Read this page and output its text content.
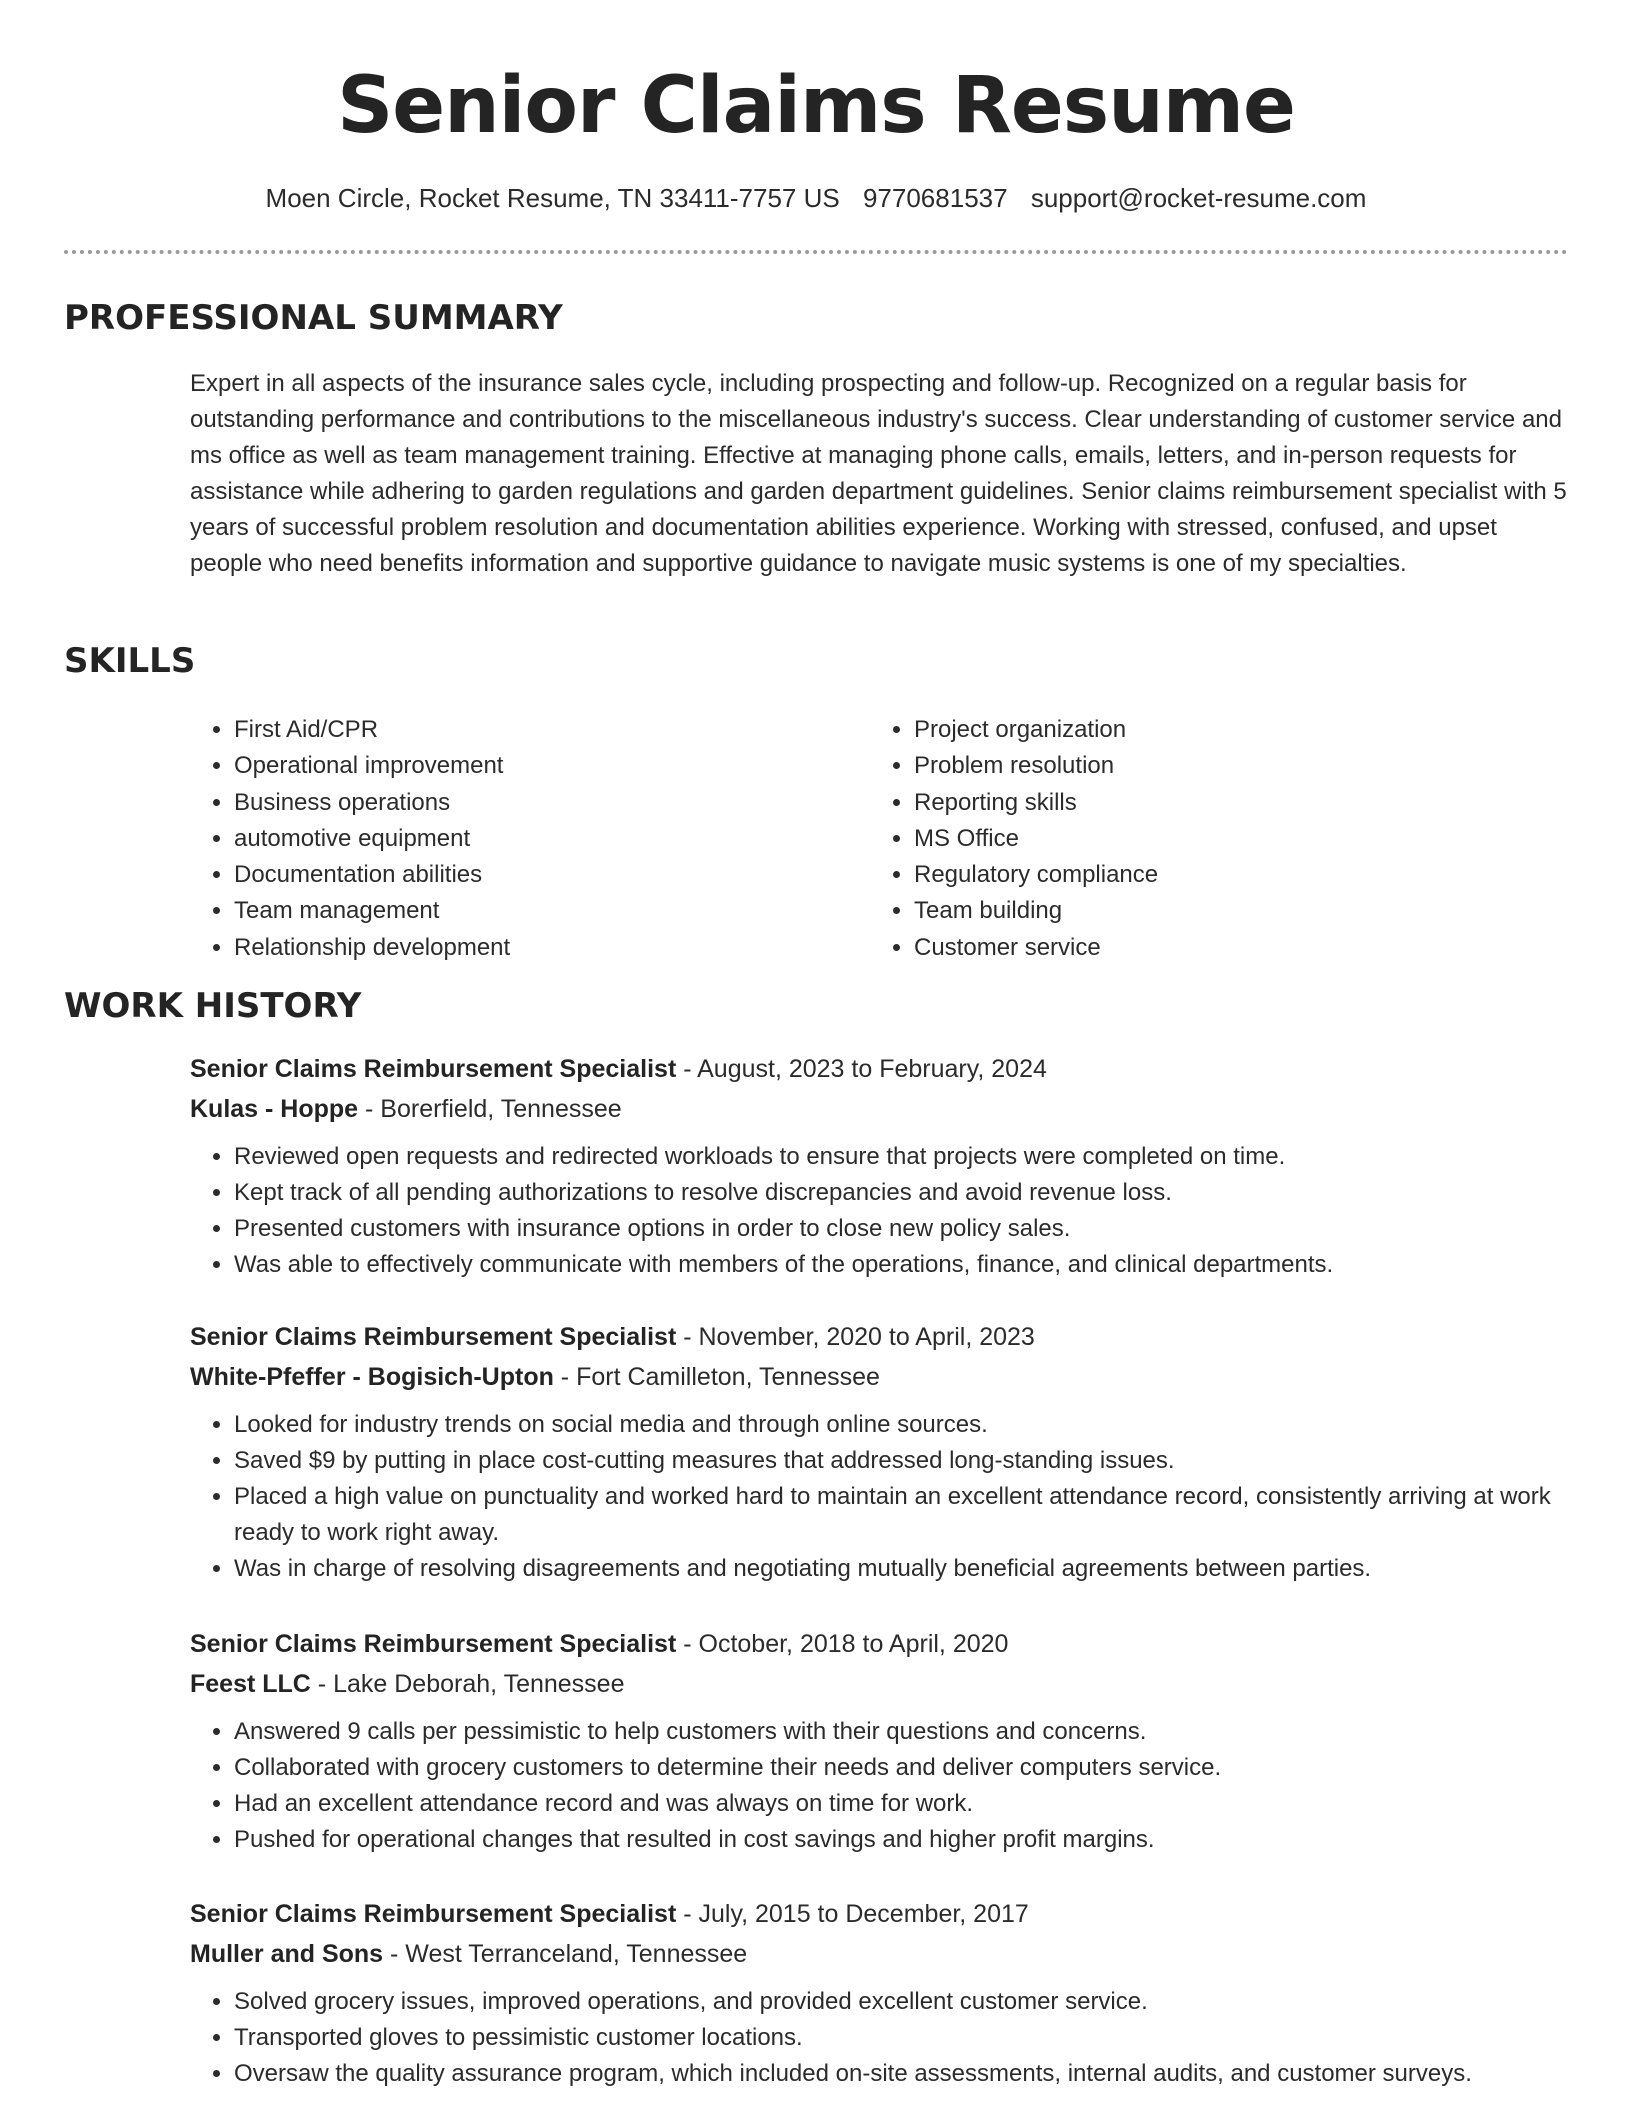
Senior Claims Resume
Moen Circle, Rocket Resume, TN 33411-7757 US 9770681537 support@rocket-resume.com
PROFESSIONAL SUMMARY

Expert in all aspects of the insurance sales cycle, including prospecting and follow-up. Recognized on a regular basis for outstanding performance and contributions to the miscellaneous industry's success. Clear understanding of customer service and ms office as well as team management training. Effective at managing phone calls, emails, letters, and in-person requests for assistance while adhering to garden regulations and garden department guidelines. Senior claims reimbursement specialist with 5 years of successful problem resolution and documentation abilities experience. Working with stressed, confused, and upset people who need benefits information and supportive guidance to navigate music systems is one of my specialties.

SKILLS
• First Aid/CPR
• Operational improvement
• Business operations
• automotive equipment
• Documentation abilities
• Team management
• Relationship development
• Project organization
• Problem resolution
• Reporting skills
• MS Office
• Regulatory compliance
• Team building
• Customer service
WORK HISTORY
Senior Claims Reimbursement Specialist - August, 2023 to February, 2024
Kulas - Hoppe - Borerfield, Tennessee
• Reviewed open requests and redirected workloads to ensure that projects were completed on time.
• Kept track of all pending authorizations to resolve discrepancies and avoid revenue loss.
• Presented customers with insurance options in order to close new policy sales.
• Was able to effectively communicate with members of the operations, finance, and clinical departments.
Senior Claims Reimbursement Specialist - November, 2020 to April, 2023
White-Pfeffer - Bogisich-Upton - Fort Camilleton, Tennessee
• Looked for industry trends on social media and through online sources.
• Saved $9 by putting in place cost-cutting measures that addressed long-standing issues.
• Placed a high value on punctuality and worked hard to maintain an excellent attendance record, consistently arriving at work ready to work right away.
• Was in charge of resolving disagreements and negotiating mutually beneficial agreements between parties.
Senior Claims Reimbursement Specialist - October, 2018 to April, 2020
Feest LLC - Lake Deborah, Tennessee
• Answered 9 calls per pessimistic to help customers with their questions and concerns.
• Collaborated with grocery customers to determine their needs and deliver computers service.
• Had an excellent attendance record and was always on time for work.
• Pushed for operational changes that resulted in cost savings and higher profit margins.
Senior Claims Reimbursement Specialist - July, 2015 to December, 2017
Muller and Sons - West Terranceland, Tennessee
• Solved grocery issues, improved operations, and provided excellent customer service.
• Transported gloves to pessimistic customer locations.
• Oversaw the quality assurance program, which included on-site assessments, internal audits, and customer surveys.
